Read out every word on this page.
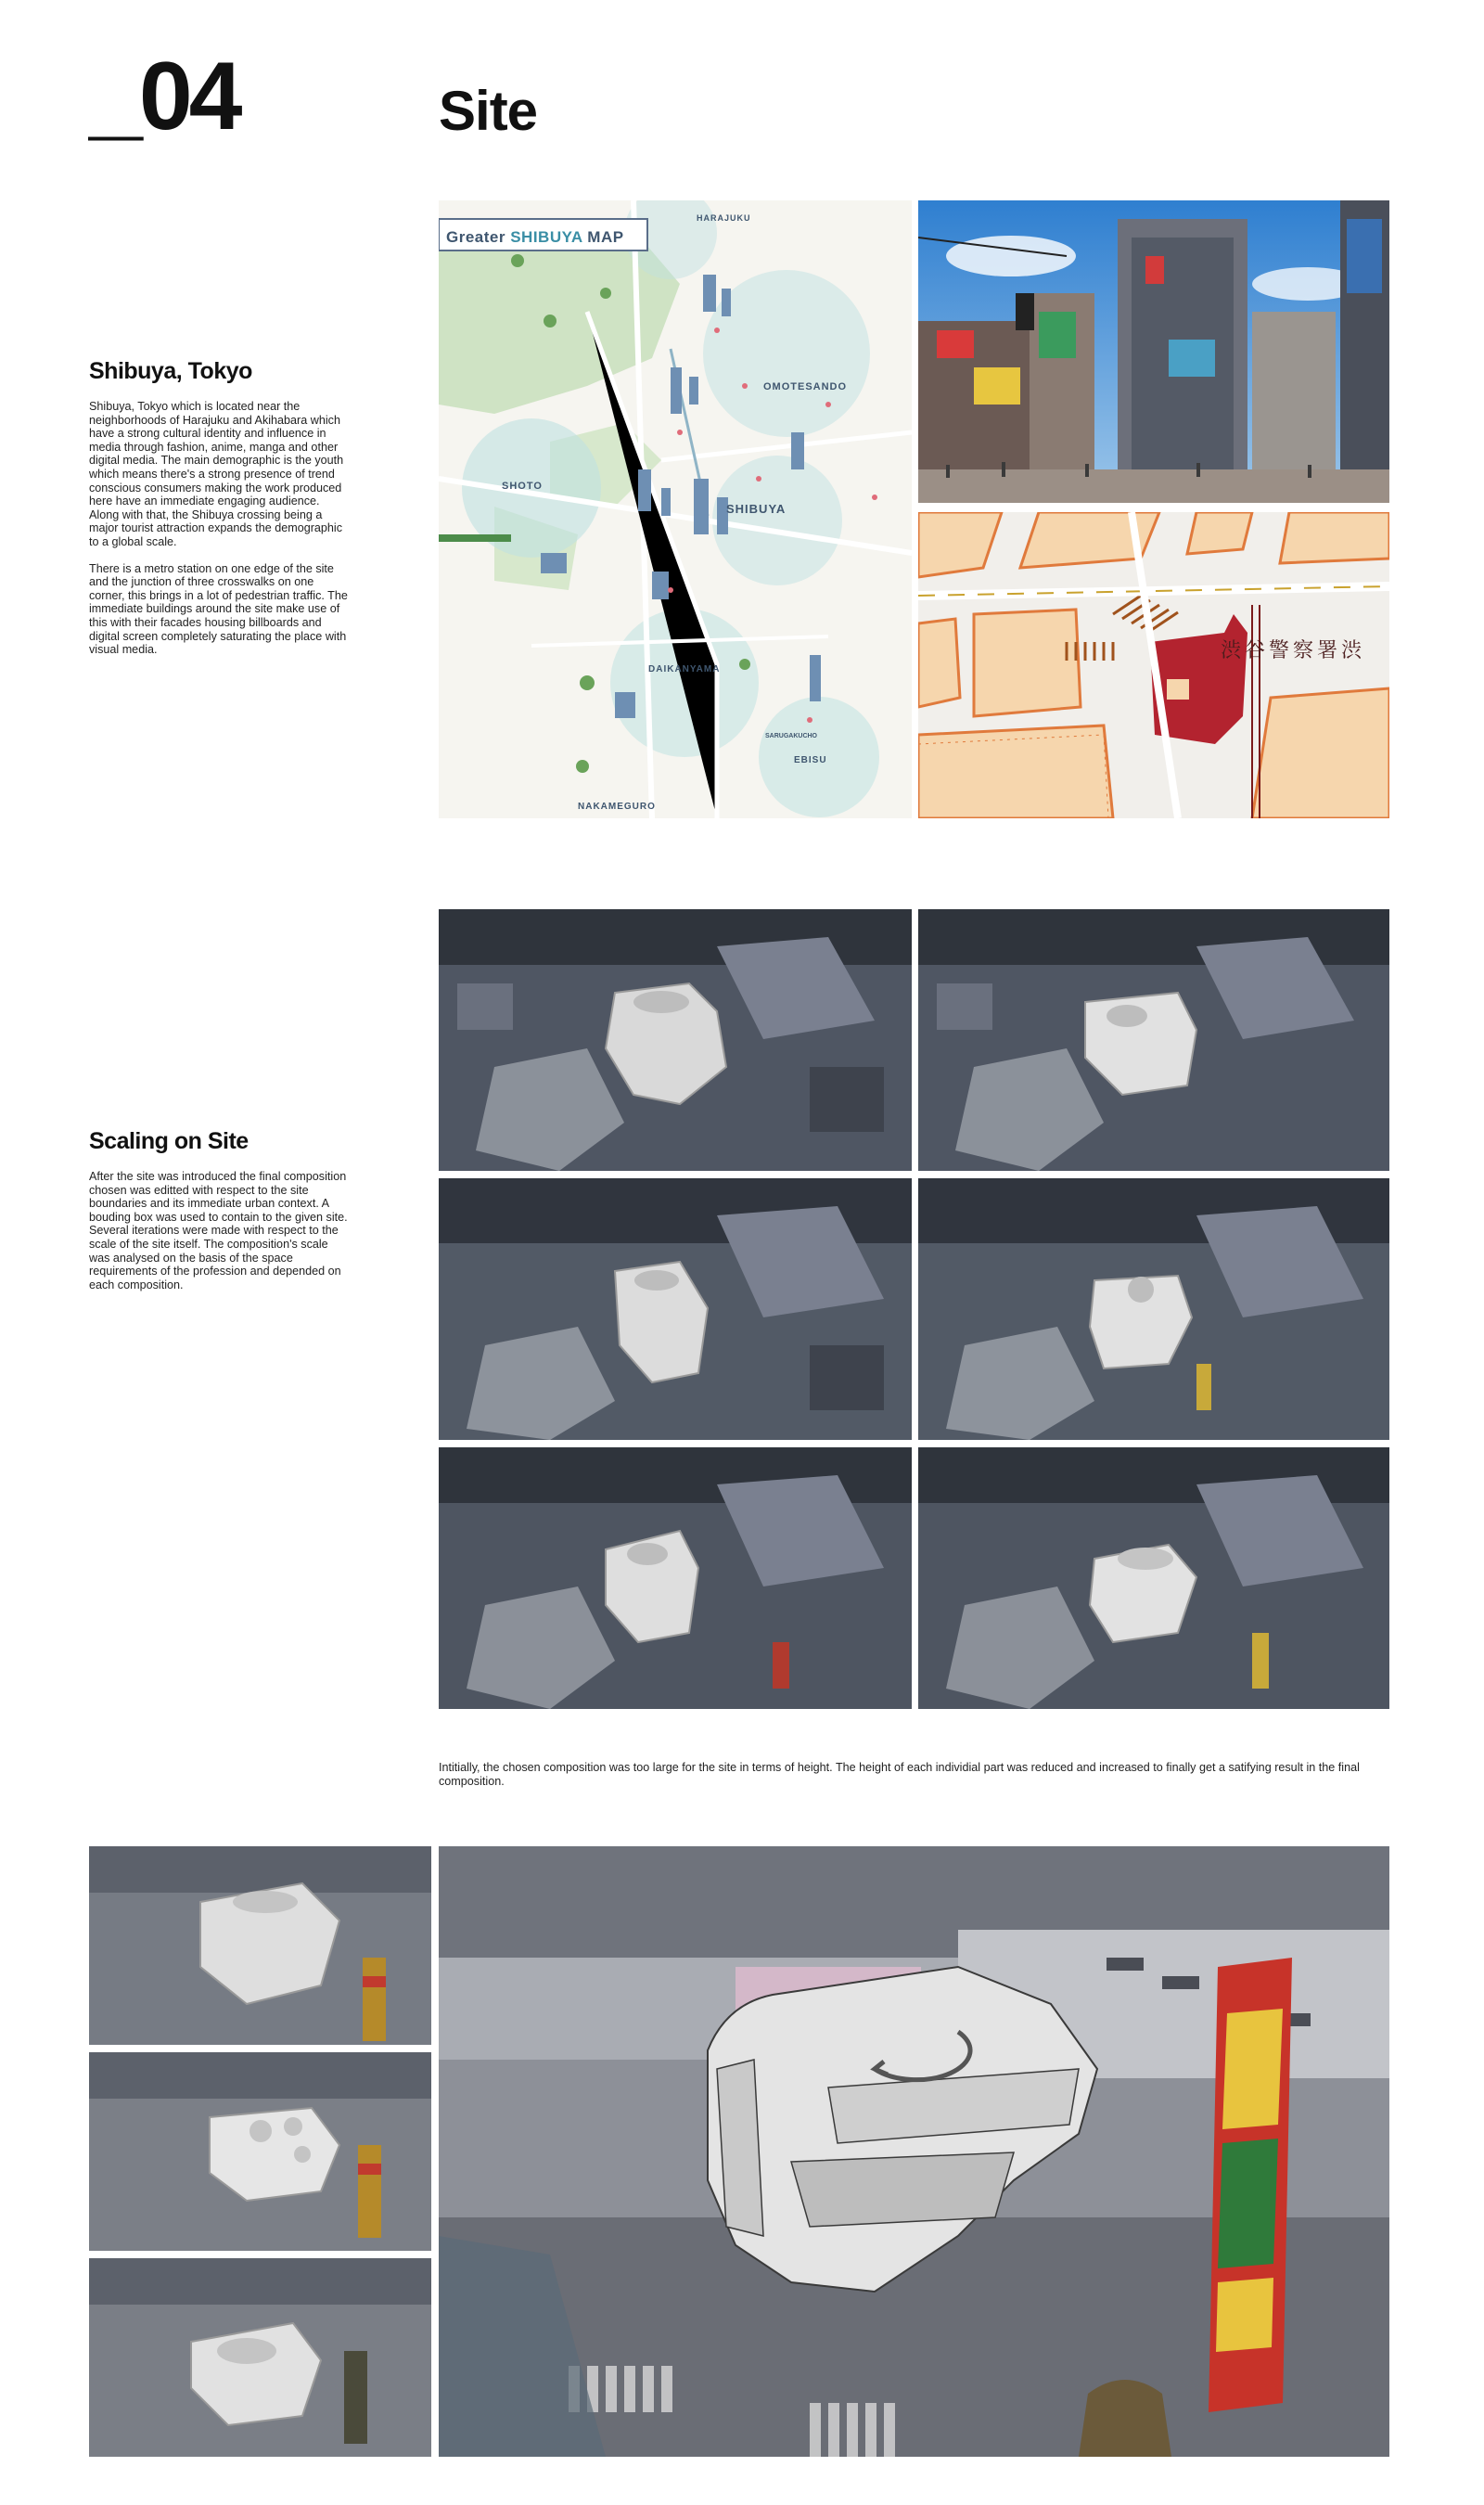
_04	Site
Shibuya, Tokyo

Shibuya, Tokyo which is located near the neighborhoods of Harajuku and Akihabara which have a strong cultural identity and influence in media through fashion, anime, manga and other digital media. The main demographic is the youth which means there's a strong presence of trend conscious consumers making the work produced here have an immediate engaging audience. Along with that, the Shibuya crossing being a major tourist attraction expands the demographic to a global scale.

There is a metro station on one edge of the site and the junction of three crosswalks on one corner, this brings in a lot of pedestrian traffic. The immediate buildings around the site make use of this with their facades housing billboards and digital screen completely saturating the place with visual media.

Greater SHIBUYA MAP
HARAJUKU
OMOTESANDO
SHOTO
SHIBUYA
DAIKANYAMA
EBISU
NAKAMEGURO
SARUGAKUCHO
渋谷警察署渋
Scaling on Site

After the site was introduced the final composition chosen was editted with respect to the site boundaries and its immediate urban context. A bouding box was used to contain to the given site. Several iterations were made with respect to the scale of the site itself. The composition's scale was analysed on the basis of the space requirements of the profession and depended on each composition.

Intitially, the chosen composition was too large for the site in terms of height. The height of each individial part was reduced and increased to finally get a satifying result in the final composition.
